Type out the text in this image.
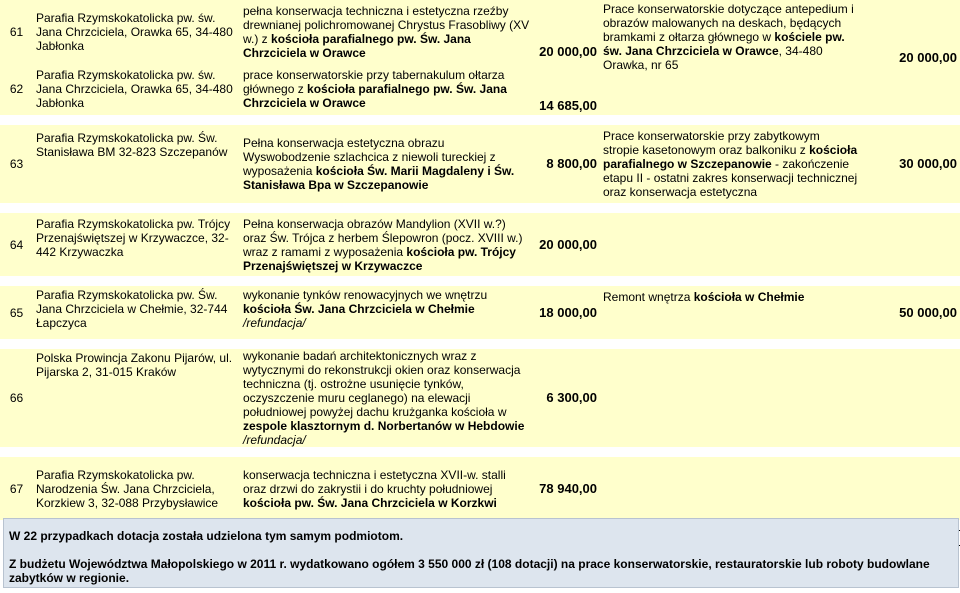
61	Parafia Rzymskokatolicka pw. św. Jana Chrzciciela, Orawka 65, 34-480 Jabłonka	pełna konserwacja techniczna i estetyczna rzeźby drewnianej polichromowanej Chrystus Frasobliwy (XV w.) z kościoła parafialnego pw. Św. Jana Chrzciciela w Orawce	20 000,00	Prace konserwatorskie dotyczące antepedium i obrazów malowanych na deskach, będących bramkami z ołtarza głównego w kościele pw. św. Jana Chrzciciela w Orawce, 34-480 Orawka, nr 65	20 000,00
62	Parafia Rzymskokatolicka pw. św. Jana Chrzciciela, Orawka 65, 34-480 Jabłonka	prace konserwatorskie przy tabernakulum ołtarza głównego z kościoła parafialnego pw. Św. Jana Chrzciciela w Orawce	14 685,00		

63	Parafia Rzymskokatolicka pw. Św. Stanisława BM 32-823 Szczepanów	Pełna konserwacja estetyczna obrazu Wyswobodzenie szlachcica z niewoli tureckiej z wyposażenia kościoła Św. Marii Magdaleny i Św. Stanisława Bpa w Szczepanowie	8 800,00	Prace konserwatorskie przy zabytkowym stropie kasetonowym oraz balkoniku z kościoła parafialnego w Szczepanowie - zakończenie etapu II - ostatni zakres konserwacji technicznej oraz konserwacja estetyczna	30 000,00

64	Parafia Rzymskokatolicka pw. Trójcy Przenajświętszej w Krzywaczce, 32-442 Krzywaczka	Pełna konserwacja obrazów Mandylion (XVII w.?) oraz Św. Trójca z herbem Ślepowron (pocz. XVIII w.) wraz z ramami z wyposażenia kościoła pw. Trójcy Przenajświętszej w Krzywaczce	20 000,00		

65	Parafia Rzymskokatolicka pw. Św. Jana Chrzciciela w Chełmie, 32-744 Łapczyca	wykonanie tynków renowacyjnych we wnętrzu kościoła Św. Jana Chrzciciela w Chełmie
/refundacja/	18 000,00	Remont wnętrza kościoła w Chełmie	50 000,00

66	Polska Prowincja Zakonu Pijarów, ul. Pijarska 2, 31-015 Kraków	wykonanie badań architektonicznych wraz z wytycznymi do rekonstrukcji okien oraz konserwacja techniczna (tj. ostrożne usunięcie tynków, oczyszczenie muru ceglanego) na elewacji południowej powyżej dachu krużganka kościoła w zespole klasztornym d. Norbertanów w Hebdowie
/refundacja/	6 300,00		

67	Parafia Rzymskokatolicka pw. Narodzenia Św. Jana Chrzciciela, Korzkiew 3, 32-088 Przybysławice	konserwacja techniczna i estetyczna XVII-w. stalli oraz drzwi do zakrystii i do kruchty południowej kościoła pw. Św. Jana Chrzciciela w Korzkwi	78 940,00		

W 22 przypadkach dotacja została udzielona tym samym podmiotom.
Z budżetu Województwa Małopolskiego w 2011 r. wydatkowano ogółem 3 550 000 zł (108 dotacji) na prace konserwatorskie, restauratorskie lub roboty budowlane zabytków w regionie.
